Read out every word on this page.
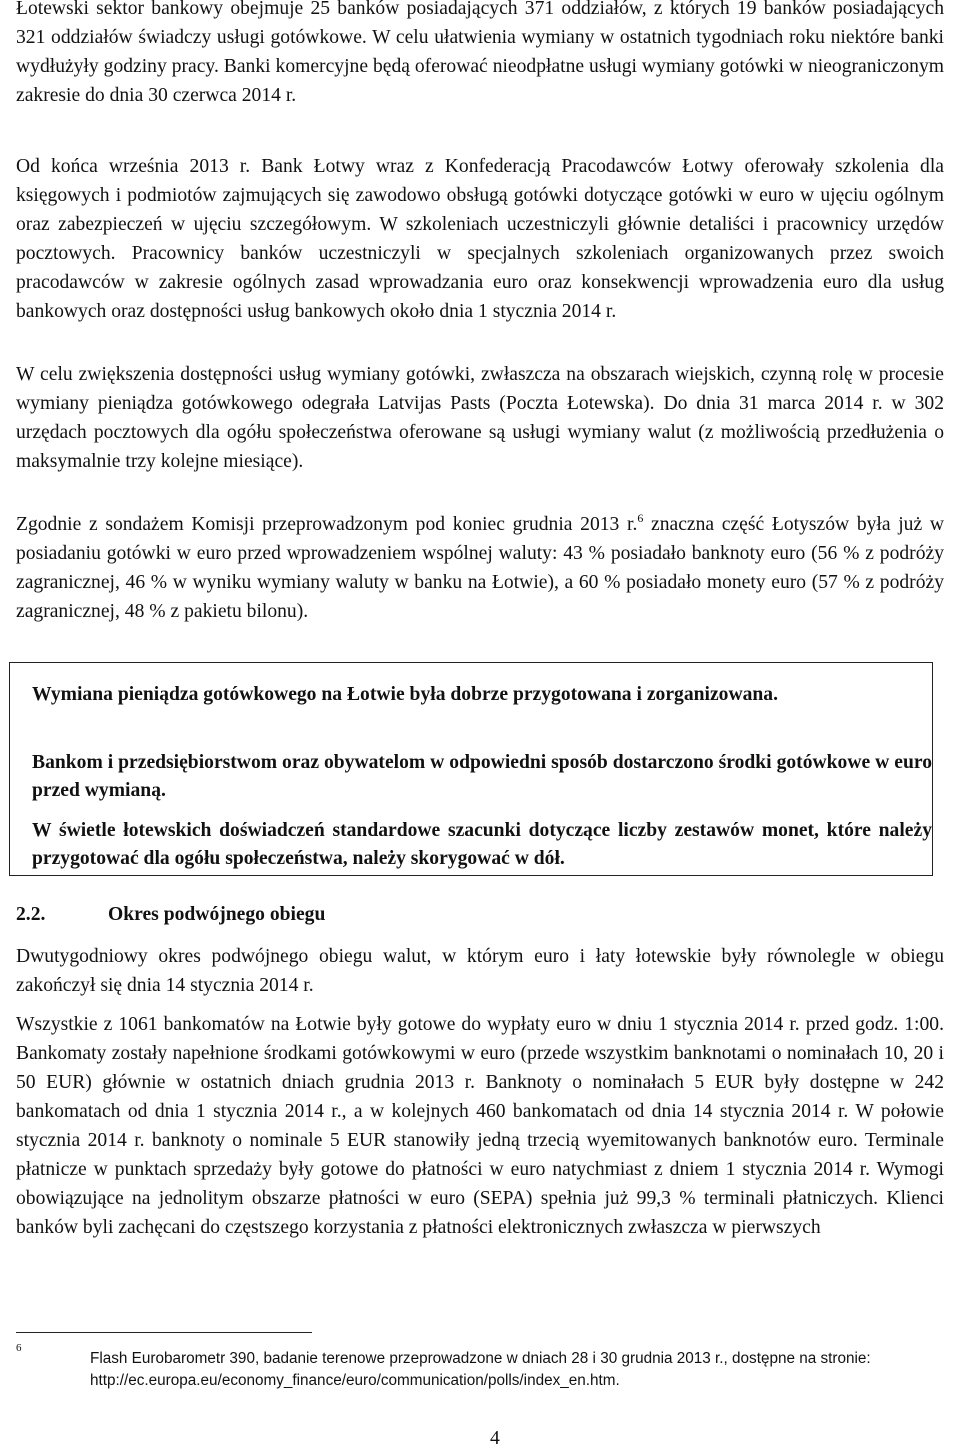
Łotewski sektor bankowy obejmuje 25 banków posiadających 371 oddziałów, z których 19 banków posiadających 321 oddziałów świadczy usługi gotówkowe. W celu ułatwienia wymiany w ostatnich tygodniach roku niektóre banki wydłużyły godziny pracy. Banki komercyjne będą oferować nieodpłatne usługi wymiany gotówki w nieograniczonym zakresie do dnia 30 czerwca 2014 r.

Od końca września 2013 r. Bank Łotwy wraz z Konfederacją Pracodawców Łotwy oferowały szkolenia dla księgowych i podmiotów zajmujących się zawodowo obsługą gotówki dotyczące gotówki w euro w ujęciu ogólnym oraz zabezpieczeń w ujęciu szczegółowym. W szkoleniach uczestniczyli głównie detaliści i pracownicy urzędów pocztowych. Pracownicy banków uczestniczyli w specjalnych szkoleniach organizowanych przez swoich pracodawców w zakresie ogólnych zasad wprowadzania euro oraz konsekwencji wprowadzenia euro dla usług bankowych oraz dostępności usług bankowych około dnia 1 stycznia 2014 r.

W celu zwiększenia dostępności usług wymiany gotówki, zwłaszcza na obszarach wiejskich, czynną rolę w procesie wymiany pieniądza gotówkowego odegrała Latvijas Pasts (Poczta Łotewska). Do dnia 31 marca 2014 r. w 302 urzędach pocztowych dla ogółu społeczeństwa oferowane są usługi wymiany walut (z możliwością przedłużenia o maksymalnie trzy kolejne miesiące).

Zgodnie z sondażem Komisji przeprowadzonym pod koniec grudnia 2013 r.$^6$ znaczna część Łotyszów była już w posiadaniu gotówki w euro przed wprowadzeniem wspólnej waluty: 43 % posiadało banknoty euro (56 % z podróży zagranicznej, 46 % w wyniku wymiany waluty w banku na Łotwie), a 60 % posiadało monety euro (57 % z podróży zagranicznej, 48 % z pakietu bilonu).

Wymiana pieniądza gotówkowego na Łotwie była dobrze przygotowana i zorganizowana.

Bankom i przedsiębiorstwom oraz obywatelom w odpowiedni sposób dostarczono środki gotówkowe w euro przed wymianą.

W świetle łotewskich doświadczeń standardowe szacunki dotyczące liczby zestawów monet, które należy przygotować dla ogółu społeczeństwa, należy skorygować w dół.

2.2.	Okres podwójnego obiegu

Dwutygodniowy okres podwójnego obiegu walut, w którym euro i łaty łotewskie były równolegle w obiegu zakończył się dnia 14 stycznia 2014 r.

Wszystkie z 1061 bankomatów na Łotwie były gotowe do wypłaty euro w dniu 1 stycznia 2014 r. przed godz. 1:00. Bankomaty zostały napełnione środkami gotówkowymi w euro (przede wszystkim banknotami o nominałach 10, 20 i 50 EUR) głównie w ostatnich dniach grudnia 2013 r. Banknoty o nominałach 5 EUR były dostępne w 242 bankomatach od dnia 1 stycznia 2014 r., a w kolejnych 460 bankomatach od dnia 14 stycznia 2014 r. W połowie stycznia 2014 r. banknoty o nominale 5 EUR stanowiły jedną trzecią wyemitowanych banknotów euro. Terminale płatnicze w punktach sprzedaży były gotowe do płatności w euro natychmiast z dniem 1 stycznia 2014 r. Wymogi obowiązujące na jednolitym obszarze płatności w euro (SEPA) spełnia już 99,3 % terminali płatniczych. Klienci banków byli zachęcani do częstszego korzystania z płatności elektronicznych zwłaszcza w pierwszych

6
Flash Eurobarometr 390, badanie terenowe przeprowadzone w dniach 28 i 30 grudnia 2013 r., dostępne na stronie: http://ec.europa.eu/economy_finance/euro/communication/polls/index_en.htm.
4
